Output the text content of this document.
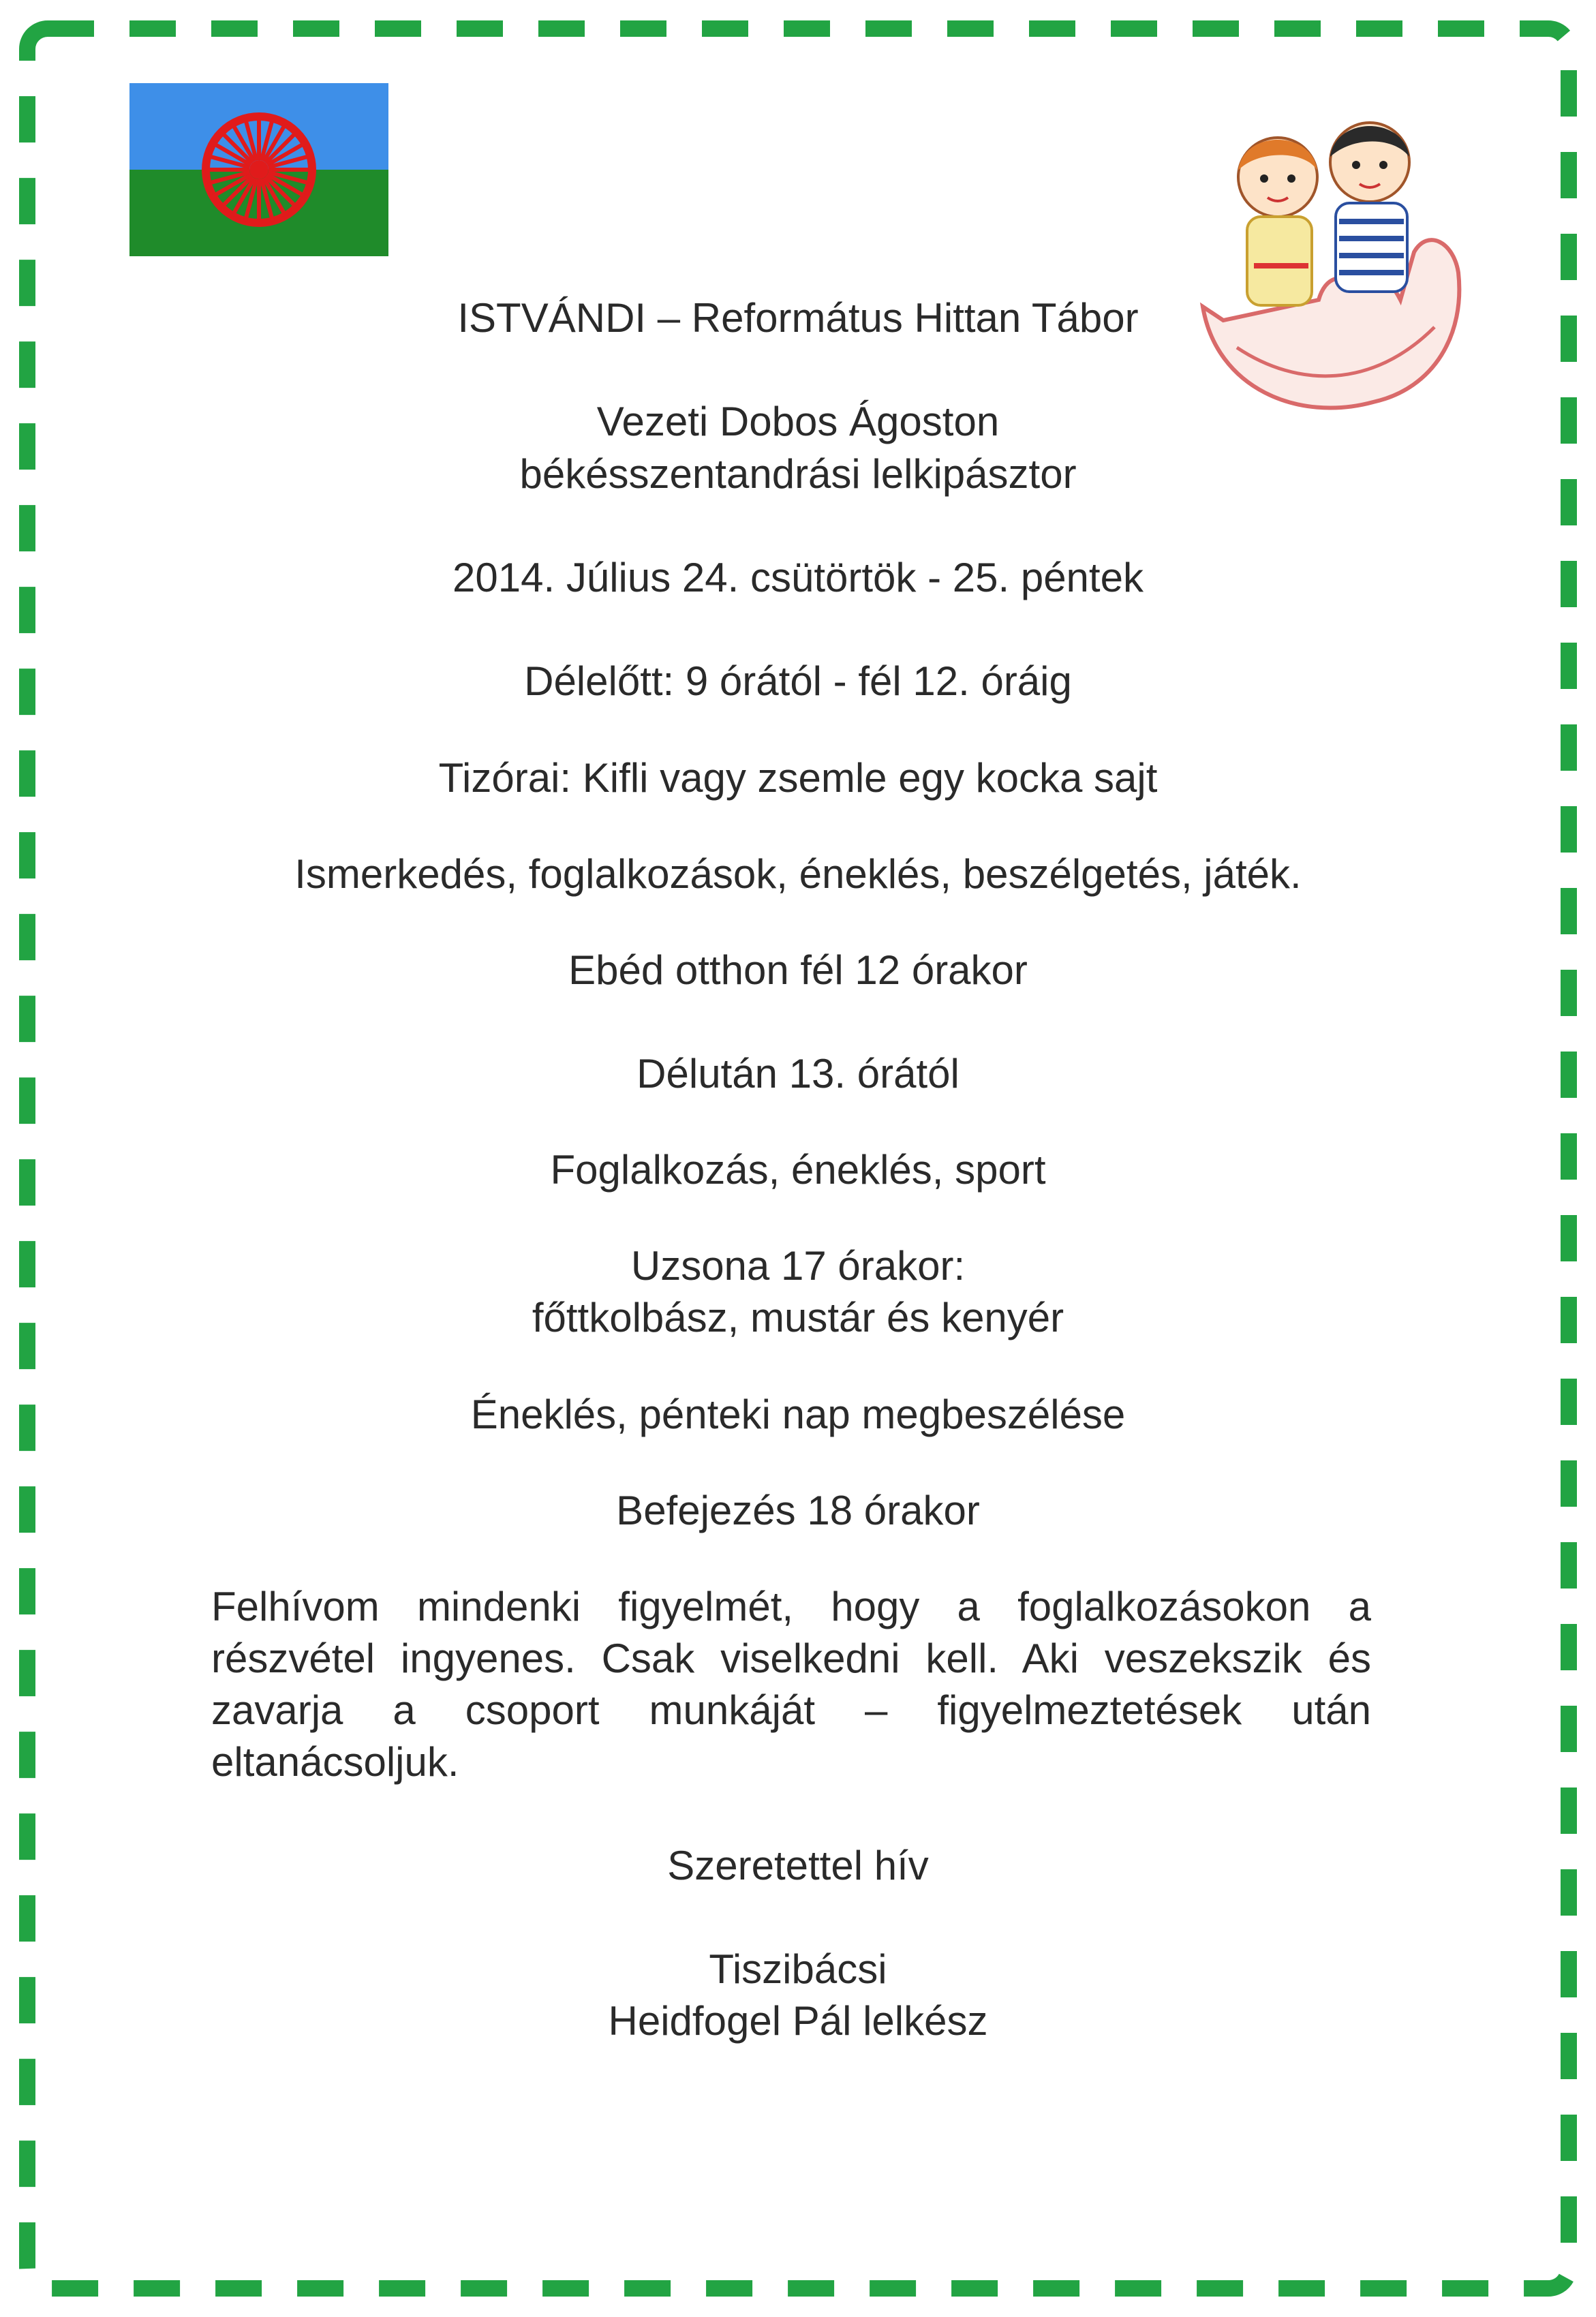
ISTVÁNDI – Református Hittan Tábor
Vezeti Dobos Ágoston
békésszentandrási lelkipásztor
2014. Július 24. csütörtök - 25. péntek
Délelőtt: 9 órától - fél 12. óráig
Tizórai: Kifli vagy zsemle egy kocka sajt
Ismerkedés, foglalkozások, éneklés, beszélgetés, játék.
Ebéd otthon fél 12 órakor
Délután 13. órától
Foglalkozás, éneklés, sport
Uzsona 17 órakor:
főttkolbász, mustár és kenyér
Éneklés, pénteki nap megbeszélése
Befejezés 18 órakor
Felhívom mindenki figyelmét, hogy a foglalkozásokon a részvétel ingyenes. Csak viselkedni kell. Aki veszekszik és zavarja a csoport munkáját – figyelmeztetések után eltanácsoljuk.
Szeretettel hív
Tiszibácsi
Heidfogel Pál lelkész
